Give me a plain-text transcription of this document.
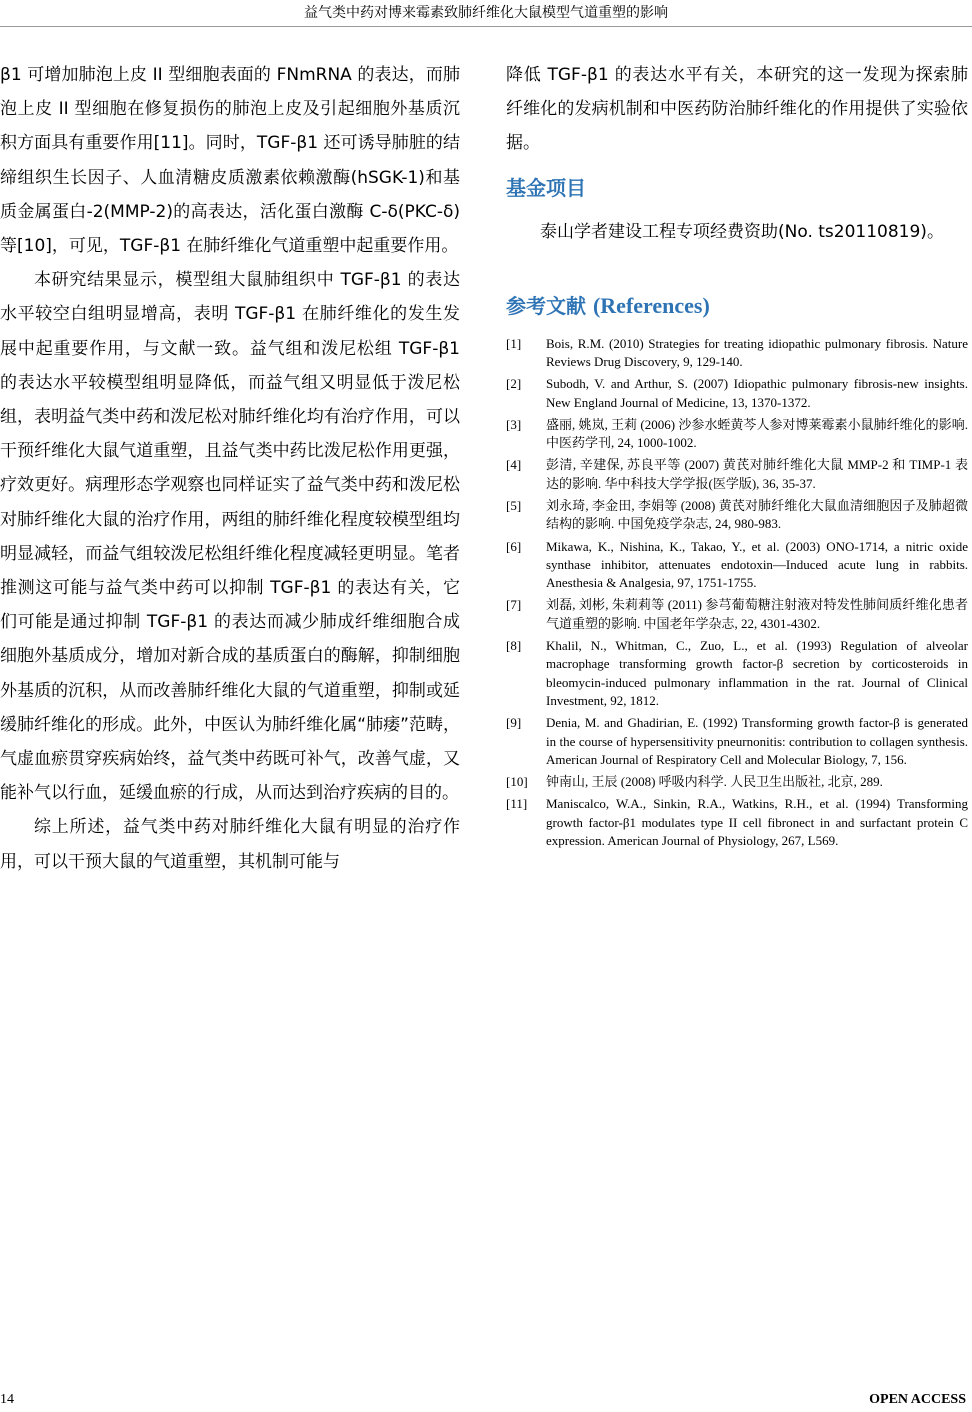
益气类中药对博来霉素致肺纤维化大鼠模型气道重塑的影响

β1 可增加肺泡上皮 II 型细胞表面的 FNmRNA 的表达，而肺泡上皮 II 型细胞在修复损伤的肺泡上皮及引起细胞外基质沉积方面具有重要作用[11]。同时，TGF-β1 还可诱导肺脏的结缔组织生长因子、人血清糖皮质激素依赖激酶(hSGK-1)和基质金属蛋白-2(MMP-2)的高表达，活化蛋白激酶 C-δ(PKC-δ)等[10]，可见，TGF-β1 在肺纤维化气道重塑中起重要作用。

本研究结果显示，模型组大鼠肺组织中 TGF-β1 的表达水平较空白组明显增高，表明 TGF-β1 在肺纤维化的发生发展中起重要作用，与文献一致。益气组和泼尼松组 TGF-β1 的表达水平较模型组明显降低，而益气组又明显低于泼尼松组，表明益气类中药和泼尼松对肺纤维化均有治疗作用，可以干预纤维化大鼠气道重塑，且益气类中药比泼尼松作用更强，疗效更好。病理形态学观察也同样证实了益气类中药和泼尼松对肺纤维化大鼠的治疗作用，两组的肺纤维化程度较模型组均明显减轻，而益气组较泼尼松组纤维化程度减轻更明显。笔者推测这可能与益气类中药可以抑制 TGF-β1 的表达有关，它们可能是通过抑制 TGF-β1 的表达而减少肺成纤维细胞合成细胞外基质成分，增加对新合成的基质蛋白的酶解，抑制细胞外基质的沉积，从而改善肺纤维化大鼠的气道重塑，抑制或延缓肺纤维化的形成。此外，中医认为肺纤维化属“肺痿”范畴，气虚血瘀贯穿疾病始终，益气类中药既可补气，改善气虚，又能补气以行血，延缓血瘀的行成，从而达到治疗疾病的目的。

综上所述，益气类中药对肺纤维化大鼠有明显的治疗作用，可以干预大鼠的气道重塑，其机制可能与

降低 TGF-β1 的表达水平有关，本研究的这一发现为探索肺纤维化的发病机制和中医药防治肺纤维化的作用提供了实验依据。

基金项目
泰山学者建设工程专项经费资助(No. ts20110819)。
参考文献 (References)
[1]	Bois, R.M. (2010) Strategies for treating idiopathic pulmonary fibrosis. Nature Reviews Drug Discovery, 9, 129-140.
[2]	Subodh, V. and Arthur, S. (2007) Idiopathic pulmonary fibrosis-new insights. New England Journal of Medicine, 13, 1370-1372.
[3]	盛丽, 姚岚, 王莉 (2006) 沙参水蛭黄芩人参对博莱霉素小鼠肺纤维化的影响. 中医药学刊, 24, 1000-1002.
[4]	彭清, 辛建保, 苏良平等 (2007) 黄芪对肺纤维化大鼠 MMP-2 和 TIMP-1 表达的影响. 华中科技大学学报(医学版), 36, 35-37.
[5]	刘永琦, 李金田, 李娟等 (2008) 黄芪对肺纤维化大鼠血清细胞因子及肺超微结构的影响. 中国免疫学杂志, 24, 980-983.
[6]	Mikawa, K., Nishina, K., Takao, Y., et al. (2003) ONO-1714, a nitric oxide synthase inhibitor, attenuates endotoxin—Induced acute lung in rabbits. Anesthesia & Analgesia, 97, 1751-1755.
[7]	刘磊, 刘彬, 朱莉莉等 (2011) 参芎葡萄糖注射液对特发性肺间质纤维化患者气道重塑的影响. 中国老年学杂志, 22, 4301-4302.
[8]	Khalil, N., Whitman, C., Zuo, L., et al. (1993) Regulation of alveolar macrophage transforming growth factor-β secretion by corticosteroids in bleomycin-induced pulmonary inflammation in the rat. Journal of Clinical Investment, 92, 1812.
[9]	Denia, M. and Ghadirian, E. (1992) Transforming growth factor-β is generated in the course of hypersensitivity pneurnonitis: contribution to collagen synthesis. American Journal of Respiratory Cell and Molecular Biology, 7, 156.
[10]	钟南山, 王辰 (2008) 呼吸内科学. 人民卫生出版社, 北京, 289.
[11]	Maniscalco, W.A., Sinkin, R.A., Watkins, R.H., et al. (1994) Transforming growth factor-β1 modulates type II cell fibronect in and surfactant protein C expression. American Journal of Physiology, 267, L569.
14	OPEN ACCESS
